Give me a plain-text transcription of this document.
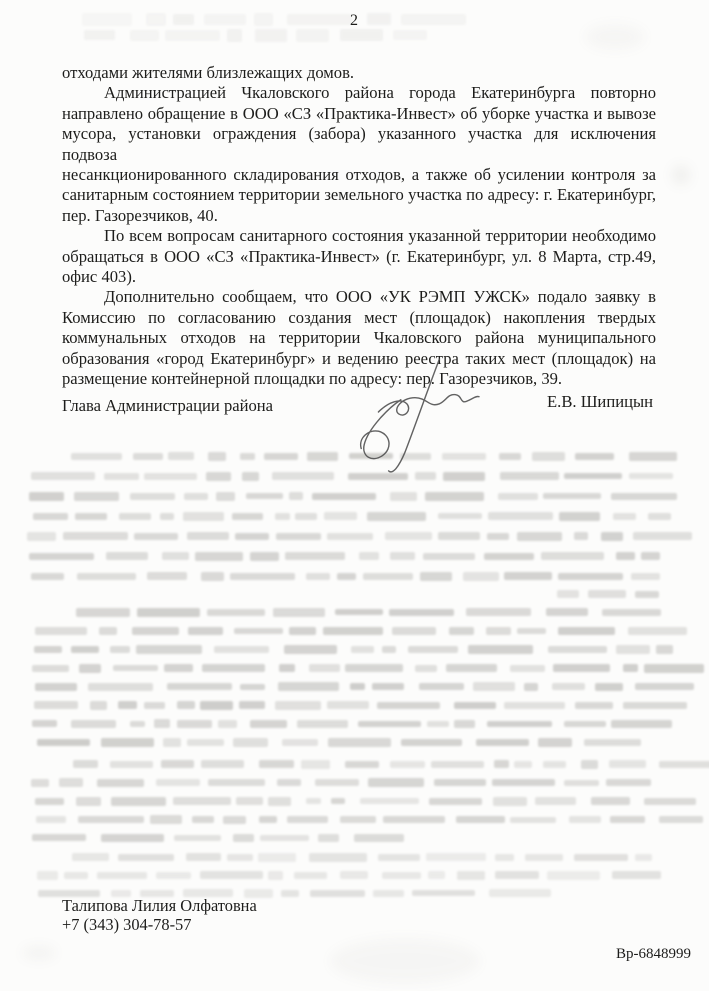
2
отходами жителями близлежащих домов.
Администрацией Чкаловского района города Екатеринбурга повторно
направлено обращение в ООО «СЗ «Практика-Инвест» об уборке участка и вывозе
мусора, установки ограждения (забора) указанного участка для исключения подвоза
несанкционированного складирования отходов, а также об усилении контроля за
санитарным состоянием территории земельного участка по адресу: г. Екатеринбург,
пер. Газорезчиков, 40.
По всем вопросам санитарного состояния указанной территории необходимо
обращаться в ООО «СЗ «Практика-Инвест» (г. Екатеринбург, ул. 8 Марта, стр.49,
офис 403).
Дополнительно сообщаем, что ООО «УК РЭМП УЖСК» подало заявку в
Комиссию по согласованию создания мест (площадок) накопления твердых
коммунальных отходов на территории Чкаловского района муниципального
образования «город Екатеринбург» и ведению реестра таких мест (площадок) на
размещение контейнерной площадки по адресу: пер. Газорезчиков, 39.
Глава Администрации района	Е.В. Шипицын
Талипова Лилия Олфатовна
+7 (343) 304-78-57
Вр-6848999
